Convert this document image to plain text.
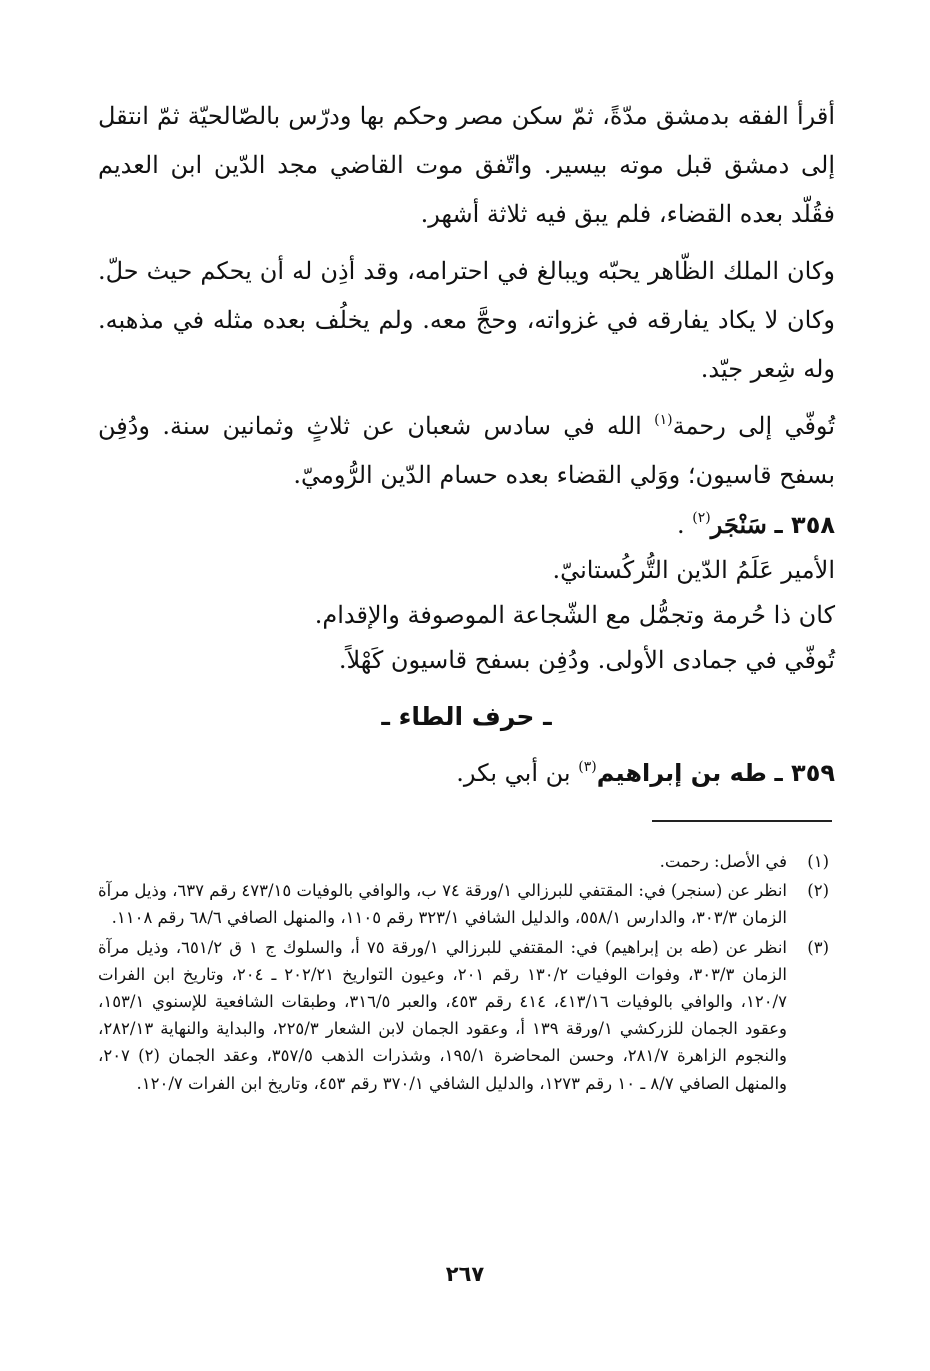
أقرأ الفقه بدمشق مدّةً، ثمّ سكن مصر وحكم بها ودرّس بالصّالحيّة ثمّ انتقل إلى دمشق قبل موته بيسير. واتّفق موت القاضي مجد الدّين ابن العديم فقُلّد بعده القضاء، فلم يبق فيه ثلاثة أشهر.

وكان الملك الظّاهر يحبّه ويبالغ في احترامه، وقد أذِن له أن يحكم حيث حلّ. وكان لا يكاد يفارقه في غزواته، وحجَّ معه. ولم يخلُف بعده مثله في مذهبه. وله شِعر جيّد.

تُوفّي إلى رحمة$^{(١)}$ الله في سادس شعبان عن ثلاثٍ وثمانين سنة. ودُفِن بسفح قاسيون؛ ووَلي القضاء بعده حسام الدّين الرُّوميّ.

٣٥٨ ـ سَنْجَر$^{(٢)}$ .

الأمير عَلَمُ الدّين التُّركُستانيّ.

كان ذا حُرمة وتجمُّل مع الشّجاعة الموصوفة والإقدام.

تُوفّي في جمادى الأولى. ودُفِن بسفح قاسيون كَهْلاً.

ـ حرف الطاء ـ

٣٥٩ ـ طه بن إبراهيم$^{(٣)}$ بن أبي بكر.

(١)
في الأصل: رحمت.
(٢)
انظر عن (سنجر) في: المقتفي للبرزالي ١/ورقة ٧٤ ب، والوافي بالوفيات ٤٧٣/١٥ رقم ٦٣٧، وذيل مرآة الزمان ٣٠٣/٣، والدارس ٥٥٨/١، والدليل الشافي ٣٢٣/١ رقم ١١٠٥، والمنهل الصافي ٦٨/٦ رقم ١١٠٨.
(٣)
انظر عن (طه بن إبراهيم) في: المقتفي للبرزالي ١/ورقة ٧٥ أ، والسلوك ج ١ ق ٦٥١/٢، وذيل مرآة الزمان ٣٠٣/٣، وفوات الوفيات ١٣٠/٢ رقم ٢٠١، وعيون التواريخ ٢٠٢/٢١ ـ ٢٠٤، وتاريخ ابن الفرات ١٢٠/٧، والوافي بالوفيات ٤١٣/١٦، ٤١٤ رقم ٤٥٣، والعبر ٣١٦/٥، وطبقات الشافعية للإسنوي ١٥٣/١، وعقود الجمان للزركشي ١/ورقة ١٣٩ أ، وعقود الجمان لابن الشعار ٢٢٥/٣، والبداية والنهاية ٢٨٢/١٣، والنجوم الزاهرة ٢٨١/٧، وحسن المحاضرة ١٩٥/١، وشذرات الذهب ٣٥٧/٥، وعقد الجمان (٢) ٢٠٧، والمنهل الصافي ٨/٧ ـ ١٠ رقم ١٢٧٣، والدليل الشافي ٣٧٠/١ رقم ٤٥٣، وتاريخ ابن الفرات ١٢٠/٧.
٢٦٧
